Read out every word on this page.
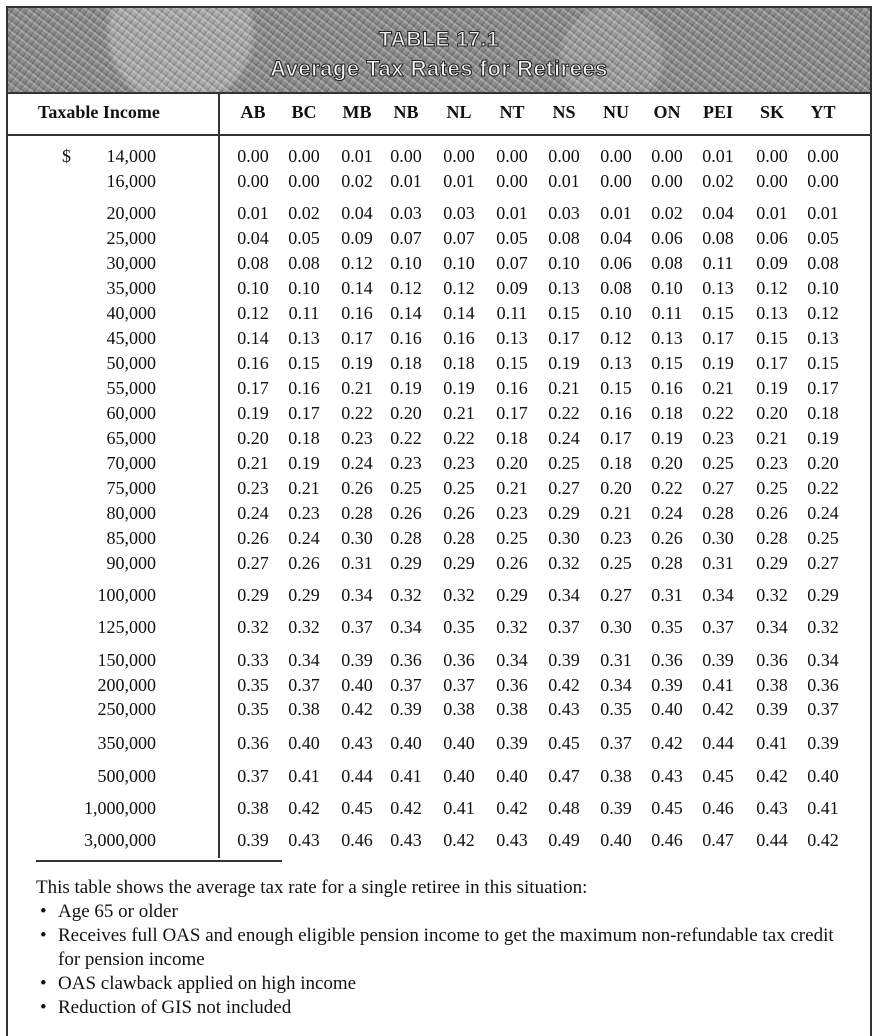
TABLE 17.1
Average Tax Rates for Retirees
Taxable Income	AB	BC	MB	NB	NL	NT	NS	NU	ON	PEI	SK	YT
$	14,000	0.00	0.00	0.01 0.00	0.00	0.00	0.00	0.00	0.00	0.01	0.00	0.00
16,000	0.00	0.00	0.02 0.01	0.01	0.00	0.01	0.00	0.00	0.02	0.00	0.00
20,000	0.01	0.02	0.04 0.03	0.03	0.01	0.03	0.01	0.02	0.04	0.01	0.01
25,000	0.04	0.05	0.09 0.07	0.07	0.05	0.08	0.04	0.06	0.08	0.06	0.05
30,000	0.08	0.08	0.12 0.10	0.10	0.07	0.10	0.06	0.08	0.11	0.09	0.08
35,000	0.10	0.10	0.14 0.12	0.12	0.09	0.13	0.08	0.10	0.13	0.12	0.10
40,000	0.12	0.11	0.16 0.14	0.14	0.11	0.15	0.10	0.11	0.15	0.13	0.12
45,000	0.14	0.13	0.17 0.16	0.16	0.13	0.17	0.12	0.13	0.17	0.15	0.13
50,000	0.16	0.15	0.19 0.18	0.18	0.15	0.19	0.13	0.15	0.19	0.17	0.15
55,000	0.17	0.16	0.21 0.19	0.19	0.16	0.21	0.15	0.16	0.21	0.19	0.17
60,000	0.19	0.17	0.22 0.20	0.21	0.17	0.22	0.16	0.18	0.22	0.20	0.18
65,000	0.20	0.18	0.23 0.22	0.22	0.18	0.24	0.17	0.19	0.23	0.21	0.19
70,000	0.21	0.19	0.24 0.23	0.23	0.20	0.25	0.18	0.20	0.25	0.23	0.20
75,000	0.23	0.21	0.26 0.25	0.25	0.21	0.27	0.20	0.22	0.27	0.25	0.22
80,000	0.24	0.23	0.28 0.26	0.26	0.23	0.29	0.21	0.24	0.28	0.26	0.24
85,000	0.26	0.24	0.30 0.28	0.28	0.25	0.30	0.23	0.26	0.30	0.28	0.25
90,000	0.27	0.26	0.31 0.29	0.29	0.26	0.32	0.25	0.28	0.31	0.29	0.27
100,000	0.29	0.29	0.34 0.32	0.32	0.29	0.34	0.27	0.31	0.34	0.32	0.29
125,000	0.32	0.32	0.37 0.34	0.35	0.32	0.37	0.30	0.35	0.37	0.34	0.32
150,000	0.33	0.34	0.39 0.36	0.36	0.34	0.39	0.31	0.36	0.39	0.36	0.34
200,000	0.35	0.37	0.40 0.37	0.37	0.36	0.42	0.34	0.39	0.41	0.38	0.36
250,000	0.35	0.38	0.42 0.39	0.38	0.38	0.43	0.35	0.40	0.42	0.39	0.37
350,000	0.36	0.40	0.43 0.40	0.40	0.39	0.45	0.37	0.42	0.44	0.41	0.39
500,000	0.37	0.41	0.44 0.41	0.40	0.40	0.47	0.38	0.43	0.45	0.42	0.40
1,000,000	0.38	0.42	0.45 0.42	0.41	0.42	0.48	0.39	0.45	0.46	0.43	0.41
3,000,000	0.39	0.43	0.46 0.43	0.42	0.43	0.49	0.40	0.46	0.47	0.44	0.42

This table shows the average tax rate for a single retiree in this situation:

• Age 65 or older
• Receives full OAS and enough eligible pension income to get the maximum non-refundable tax credit for pension income
• OAS clawback applied on high income
• Reduction of GIS not included
